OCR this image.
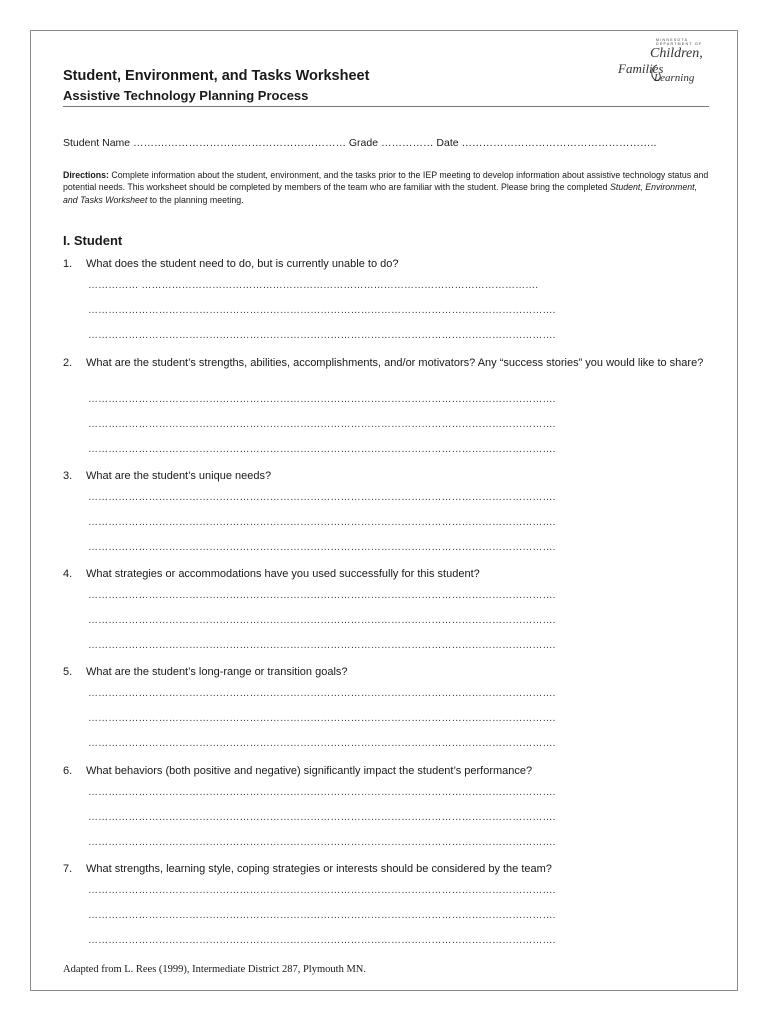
MINNESOTA DEPARTMENT OF
Children,
Families
Learning
Student, Environment, and Tasks Worksheet
Assistive Technology Planning Process
Student Name ……….…………………………………………… Grade …………… Date ………………………………………………..

Directions: Complete information about the student, environment, and the tasks prior to the IEP meeting to develop information about assistive technology status and potential needs. This worksheet should be completed by members of the team who are familiar with the student. Please bring the completed Student, Environment, and Tasks Worksheet to the planning meeting.

I. Student
1. What does the student need to do, but is currently unable to do?
…………… ……………………………………………………………………………………………………….
………………………………………………………………………………………………………………………….
………………………………………………………………………………………………………………………….
2. What are the student’s strengths, abilities, accomplishments, and/or motivators? Any “success stories” you would like to share?
………………………………………………………………………………………………………………………….
………………………………………………………………………………………………………………………….
………………………………………………………………………………………………………………………….
3. What are the student’s unique needs?
………………………………………………………………………………………………………………………….
………………………………………………………………………………………………………………………….
………………………………………………………………………………………………………………………….
4. What strategies or accommodations have you used successfully for this student?
………………………………………………………………………………………………………………………….
………………………………………………………………………………………………………………………….
………………………………………………………………………………………………………………………….
5. What are the student’s long-range or transition goals?
………………………………………………………………………………………………………………………….
………………………………………………………………………………………………………………………….
………………………………………………………………………………………………………………………….
6. What behaviors (both positive and negative) significantly impact the student’s performance?
………………………………………………………………………………………………………………………….
………………………………………………………………………………………………………………………….
………………………………………………………………………………………………………………………….
7. What strengths, learning style, coping strategies or interests should be considered by the team?
………………………………………………………………………………………………………………………….
………………………………………………………………………………………………………………………….
………………………………………………………………………………………………………………………….
Adapted from L. Rees (1999), Intermediate District 287, Plymouth MN.
